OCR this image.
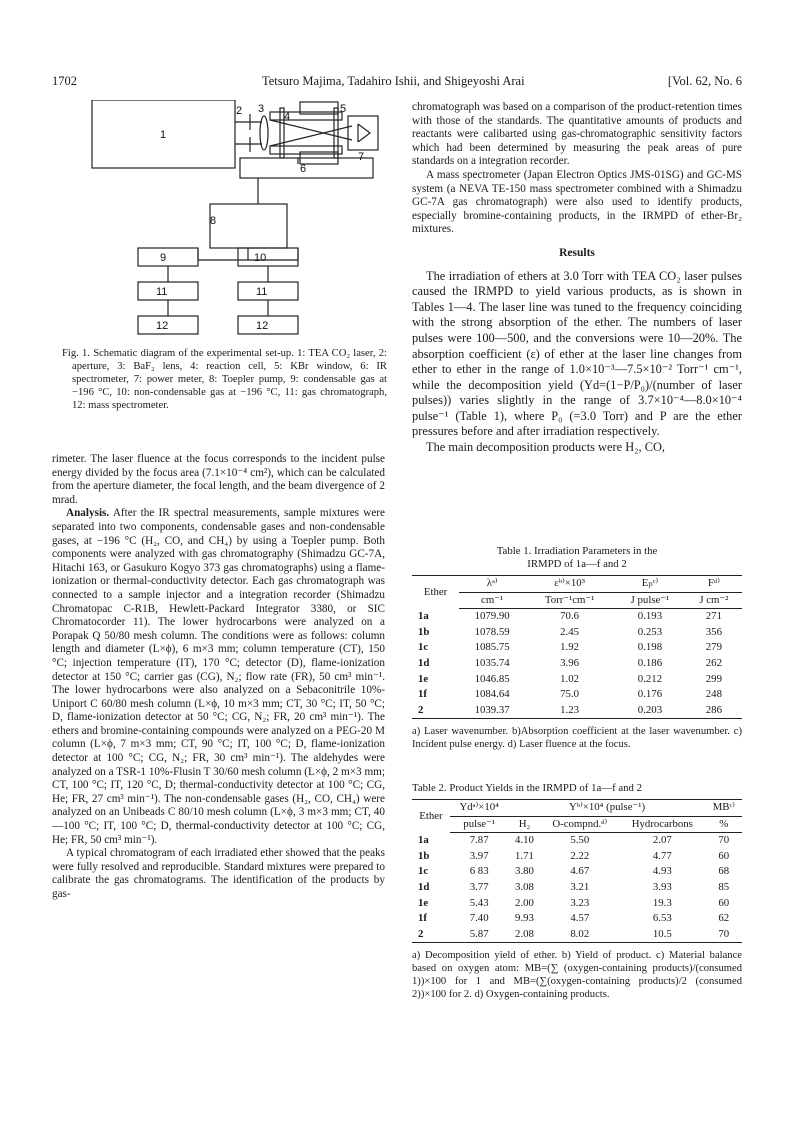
1702	Tetsuro Majima, Tadahiro Ishii, and Shigeyoshi Arai	[Vol. 62, No. 6
1
2 3
4
5
6
7
8
9	10
11	11
12	12
Fig. 1. Schematic diagram of the experimental set-up. 1: TEA CO₂ laser, 2: aperture, 3: BaF₂ lens, 4: reaction cell, 5: KBr window, 6: IR spectrometer, 7: power meter, 8: Toepler pump, 9: condensable gas at −196 °C, 10: non-condensable gas at −196 °C, 11: gas chromatograph, 12: mass spectrometer.

rimeter. The laser fluence at the focus corresponds to the incident pulse energy divided by the focus area (7.1×10⁻⁴ cm²), which can be calculated from the aperture diameter, the focal length, and the beam divergence of 2 mrad.

Analysis. After the IR spectral measurements, sample mixtures were separated into two components, condensable gases and non-condensable gases, at −196 °C (H₂, CO, and CH₄) by using a Toepler pump. Both components were analyzed with gas chromatography (Shimadzu GC-7A, Hitachi 163, or Gasukuro Kogyo 373 gas chromatographs) using a flame-ionization or thermal-conductivity detector. Each gas chromatograph was connected to a sample injector and a integration recorder (Shimadzu Chromatopac C-R1B, Hewlett-Packard Integrator 3380, or SIC Chromatocorder 11). The lower hydrocarbons were analyzed on a Porapak Q 50/80 mesh column. The conditions were as follows: column length and diameter (L×ϕ), 6 m×3 mm; column temperature (CT), 150 °C; injection temperature (IT), 170 °C; detector (D), flame-ionization detector at 150 °C; carrier gas (CG), N₂; flow rate (FR), 50 cm³ min⁻¹. The lower hydrocarbons were also analyzed on a Sebaconitrile 10%-Uniport C 60/80 mesh column (L×ϕ, 10 m×3 mm; CT, 30 °C; IT, 50 °C; D, flame-ionization detector at 50 °C; CG, N₂; FR, 20 cm³ min⁻¹). The ethers and bromine-containing compounds were analyzed on a PEG-20 M column (L×ϕ, 7 m×3 mm; CT, 90 °C; IT, 100 °C; D, flame-ionization detector at 100 °C; CG, N₂; FR, 30 cm³ min⁻¹). The aldehydes were analyzed on a TSR-1 10%-Flusin T 30/60 mesh column (L×ϕ, 2 m×3 mm; CT, 100 °C; IT, 120 °C, D; thermal-conductivity detector at 100 °C; CG, He; FR, 27 cm³ min⁻¹). The non-condensable gases (H₂, CO, CH₄) were analyzed on an Unibeads C 80/10 mesh column (L×ϕ, 3 m×3 mm; CT, 40—100 °C; IT, 100 °C; D, thermal-conductivity detector at 100 °C; CG, He; FR, 50 cm³ min⁻¹).

A typical chromatogram of each irradiated ether showed that the peaks were fully resolved and reproducible. Standard mixtures were prepared to calibrate the gas chromatograms. The identification of the products by gas-

chromatograph was based on a comparison of the product-retention times with those of the standards. The quantitative amounts of products and reactants were calibarted using gas-chromatographic sensitivity factors which had been determined by measuring the peak areas of pure standards on a integration recorder.

A mass spectrometer (Japan Electron Optics JMS-01SG) and GC-MS system (a NEVA TE-150 mass spectrometer combined with a Shimadzu GC-7A gas chromatograph) were also used to identify products, especially bromine-containing products, in the IRMPD of ether-Br₂ mixtures.

Results

The irradiation of ethers at 3.0 Torr with TEA CO₂ laser pulses caused the IRMPD to yield various products, as is shown in Tables 1—4. The laser line was tuned to the frequency coinciding with the strong absorption of the ether. The numbers of laser pulses were 100—500, and the conversions were 10—20%. The absorption coefficient (ε) of ether at the laser line changes from ether to ether in the range of 1.0×10⁻³—7.5×10⁻² Torr⁻¹ cm⁻¹, while the decomposition yield (Yd=(1−P/P₀)/(number of laser pulses)) varies slightly in the range of 3.7×10⁻⁴—8.0×10⁻⁴ pulse⁻¹ (Table 1), where P₀ (=3.0 Torr) and P are the ether pressures before and after irradiation respectively.

The main decomposition products were H₂, CO,

Table 1. Irradiation Parameters in the
IRMPD of 1a—f and 2
Ether	λᵃ⁾	εᵇ⁾×10³	Eₚᶜ⁾	Fᵈ⁾
	cm⁻¹	Torr⁻¹cm⁻¹	J pulse⁻¹	J cm⁻²
1a	1079.90	70.6	0.193	271
1b	1078.59	2.45	0.253	356
1c	1085.75	1.92	0.198	279
1d	1035.74	3.96	0.186	262
1e	1046.85	1.02	0.212	299
1f	1084.64	75.0	0.176	248
2	1039.37	1.23	0.203	286
a) Laser wavenumber. b)Absorption coefficient at the laser wavenumber. c) Incident pulse energy. d) Laser fluence at the focus.
Table 2. Product Yields in the IRMPD of 1a—f and 2
Ether	Ydᵃ⁾×10⁴	Yᵇ⁾×10⁴ (pulse⁻¹)			MBᶜ⁾
	pulse⁻¹	H₂	O-compnd.ᵈ⁾	Hydrocarbons	%
1a	7.87	4.10	5.50	2.07	70
1b	3.97	1.71	2.22	4.77	60
1c	6 83	3.80	4.67	4.93	68
1d	3.77	3.08	3.21	3.93	85
1e	5.43	2.00	3.23	19.3	60
1f	7.40	9.93	4.57	6.53	62
2	5.87	2.08	8.02	10.5	70
a) Decomposition yield of ether. b) Yield of product. c) Material balance based on oxygen atom: MB=(∑ (oxygen-containing products)/(consumed 1))×100 for 1 and MB=(∑(oxygen-containing products)/2 (consumed 2))×100 for 2. d) Oxygen-containing products.
